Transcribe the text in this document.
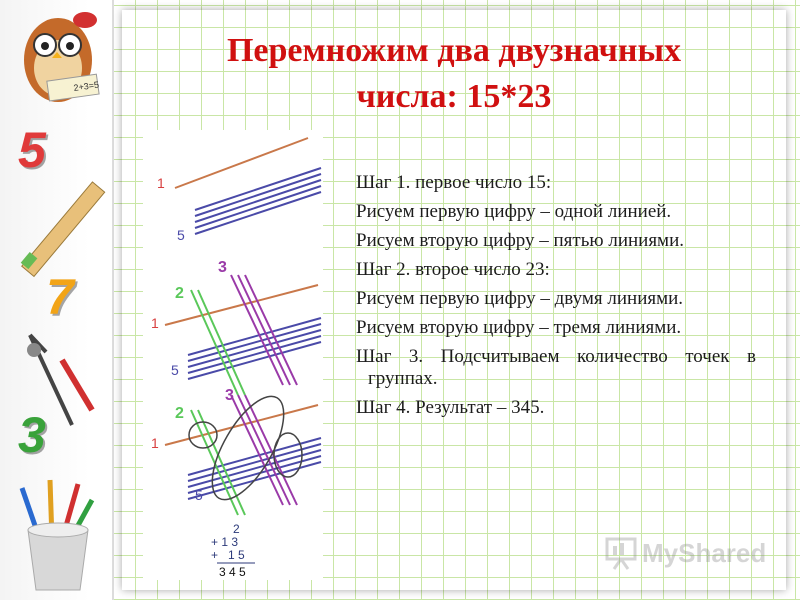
2+3=5
5
7
3
Перемножим два двузначных
числа: 15*23
1
5
1
5
2
3
1
5
2
3
2
+ 1 3
+   1 5
3 4 5
Шаг 1. первое число 15:
Рисуем первую цифру – одной линией.
Рисуем вторую цифру – пятью линиями.
Шаг 2. второе число 23:
Рисуем первую цифру – двумя линиями.
Рисуем вторую цифру – тремя линиями.
Шаг 3. Подсчитываем количество точек в группах.
Шаг 4. Результат – 345.
MyShared
